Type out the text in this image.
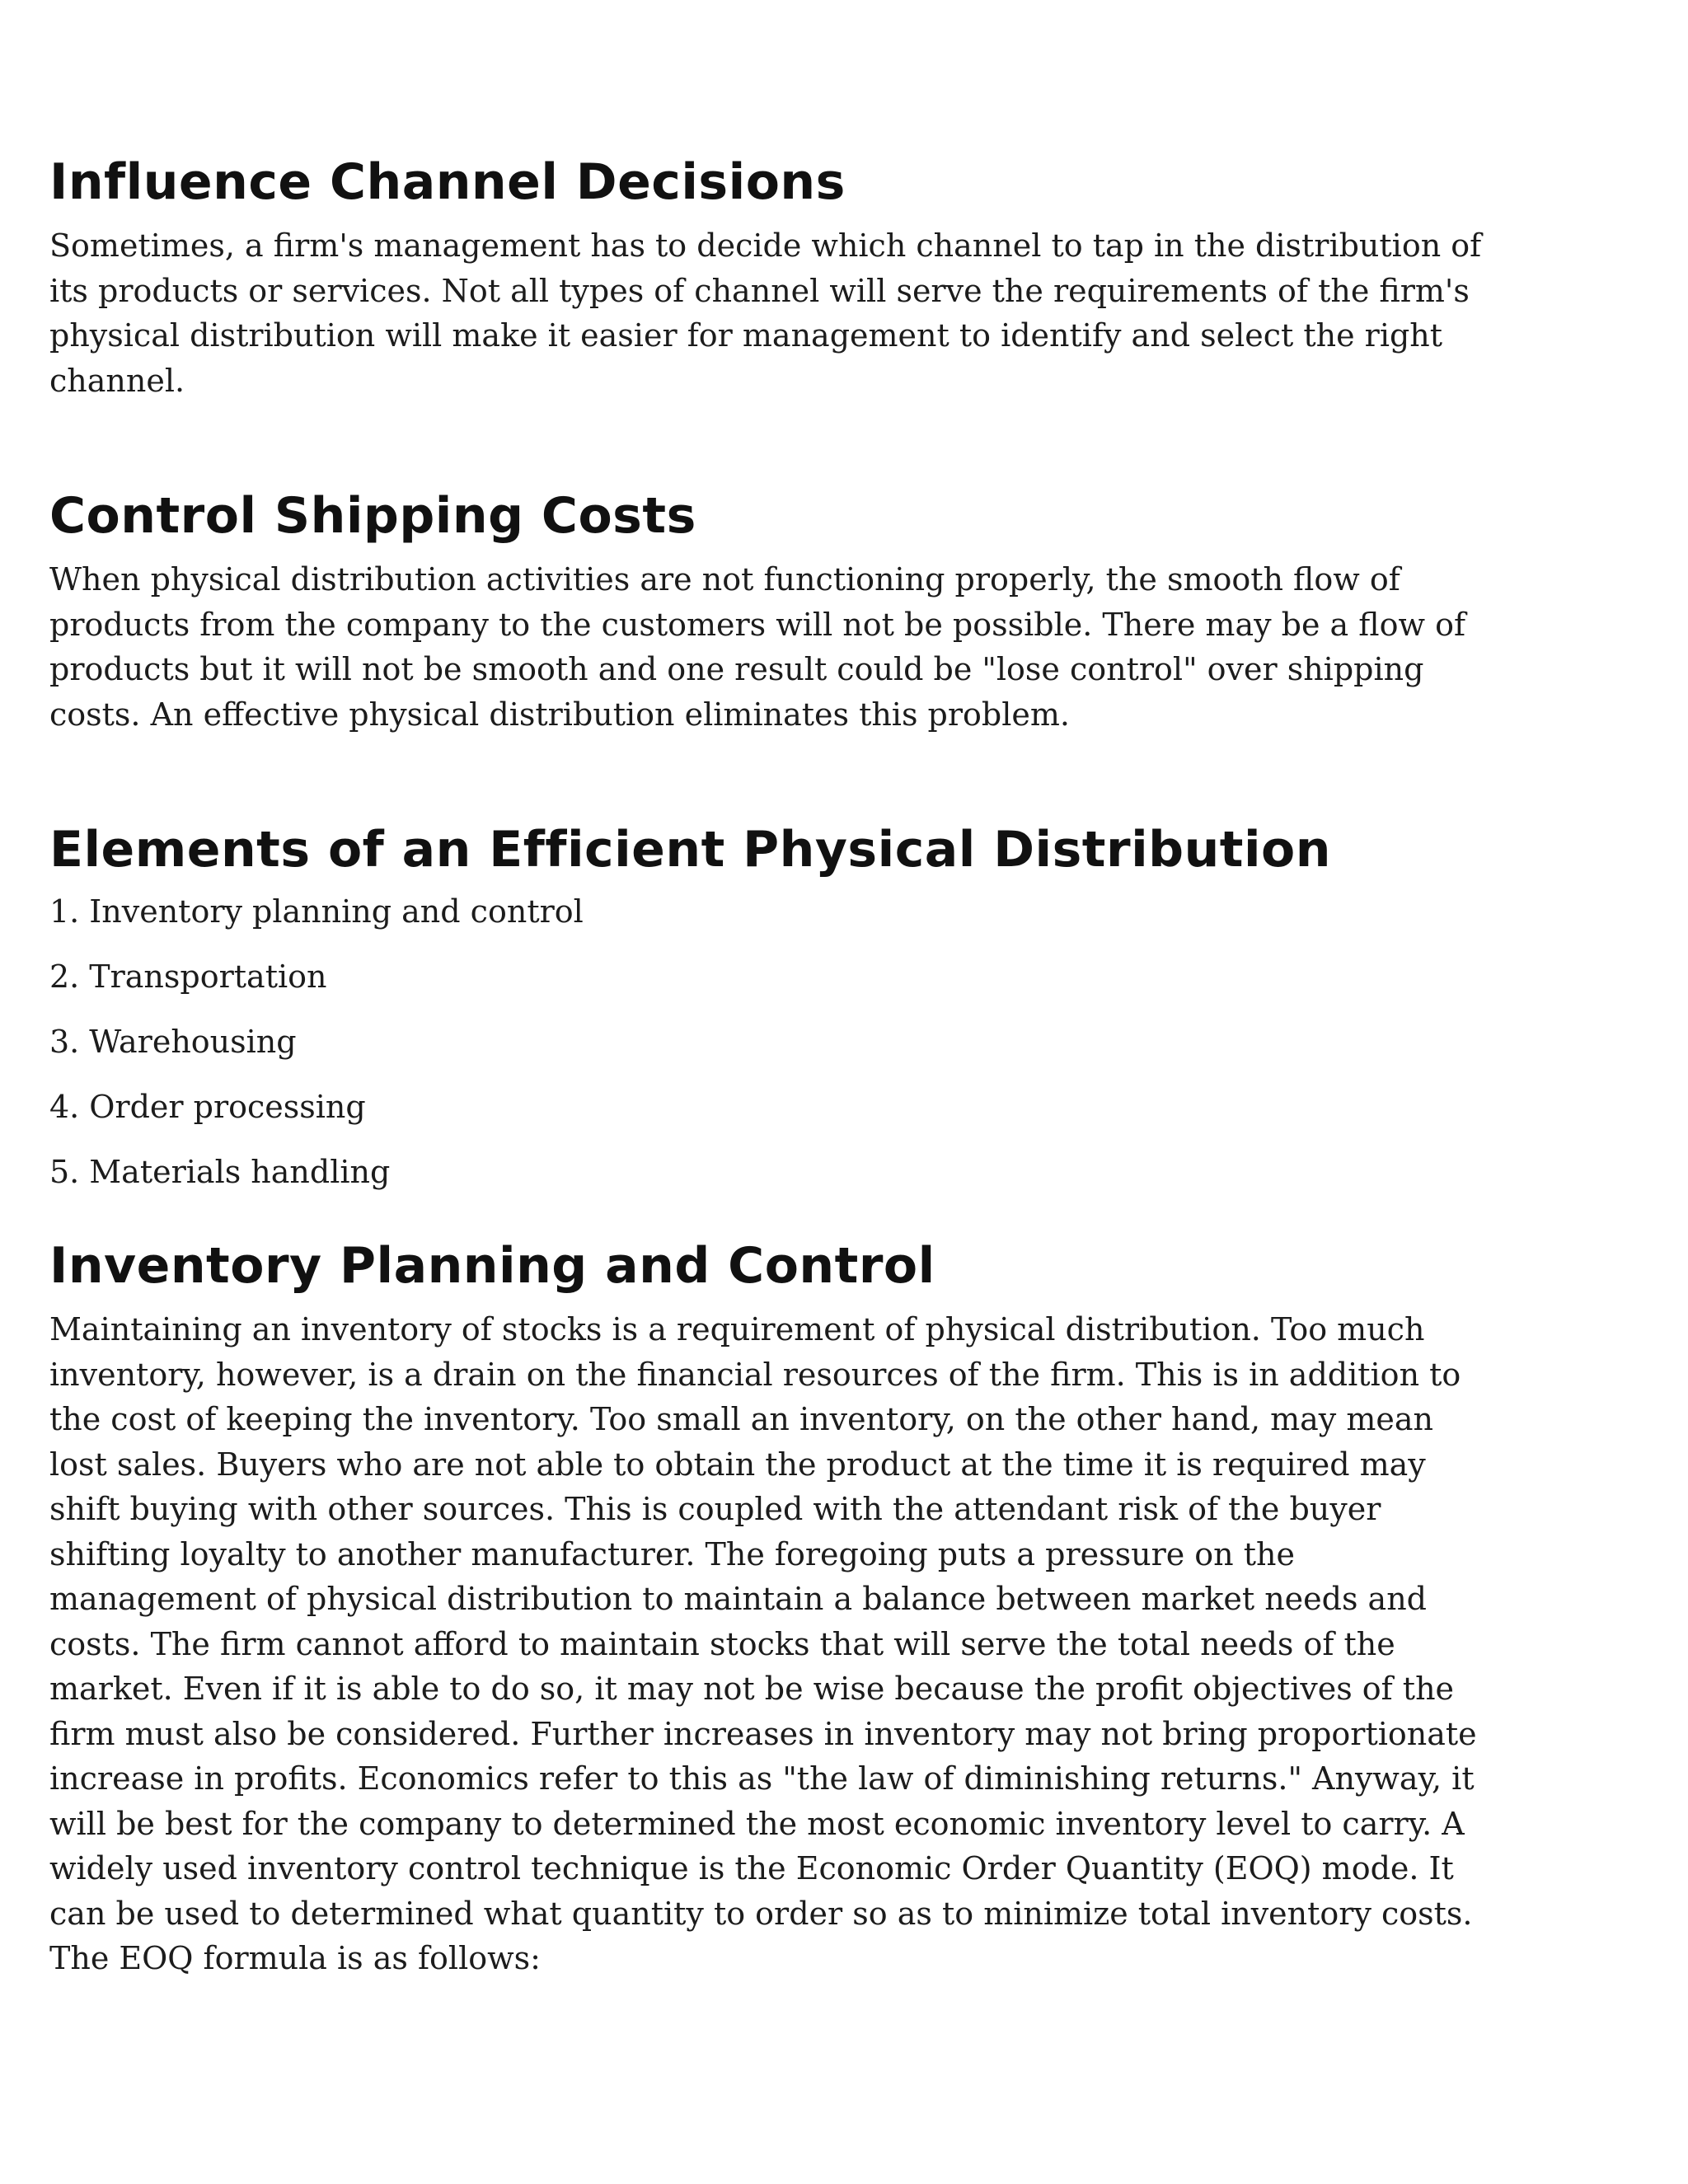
Influence Channel Decisions

Sometimes, a firm's management has to decide which channel to tap in the distribution of its products or services. Not all types of channel will serve the requirements of the firm's physical distribution will make it easier for management to identify and select the right channel.

Control Shipping Costs

When physical distribution activities are not functioning properly, the smooth flow of products from the company to the customers will not be possible. There may be a flow of products but it will not be smooth and one result could be "lose control" over shipping costs. An effective physical distribution eliminates this problem.

Elements of an Efficient Physical Distribution
1. Inventory planning and control
2. Transportation
3. Warehousing
4. Order processing
5. Materials handling
Inventory Planning and Control

Maintaining an inventory of stocks is a requirement of physical distribution. Too much inventory, however, is a drain on the financial resources of the firm. This is in addition to the cost of keeping the inventory. Too small an inventory, on the other hand, may mean lost sales. Buyers who are not able to obtain the product at the time it is required may shift buying with other sources. This is coupled with the attendant risk of the buyer shifting loyalty to another manufacturer. The foregoing puts a pressure on the management of physical distribution to maintain a balance between market needs and costs. The firm cannot afford to maintain stocks that will serve the total needs of the market. Even if it is able to do so, it may not be wise because the profit objectives of the firm must also be considered. Further increases in inventory may not bring proportionate increase in profits. Economics refer to this as "the law of diminishing returns." Anyway, it will be best for the company to determined the most economic inventory level to carry. A widely used inventory control technique is the Economic Order Quantity (EOQ) mode. It can be used to determined what quantity to order so as to minimize total inventory costs. The EOQ formula is as follows:
